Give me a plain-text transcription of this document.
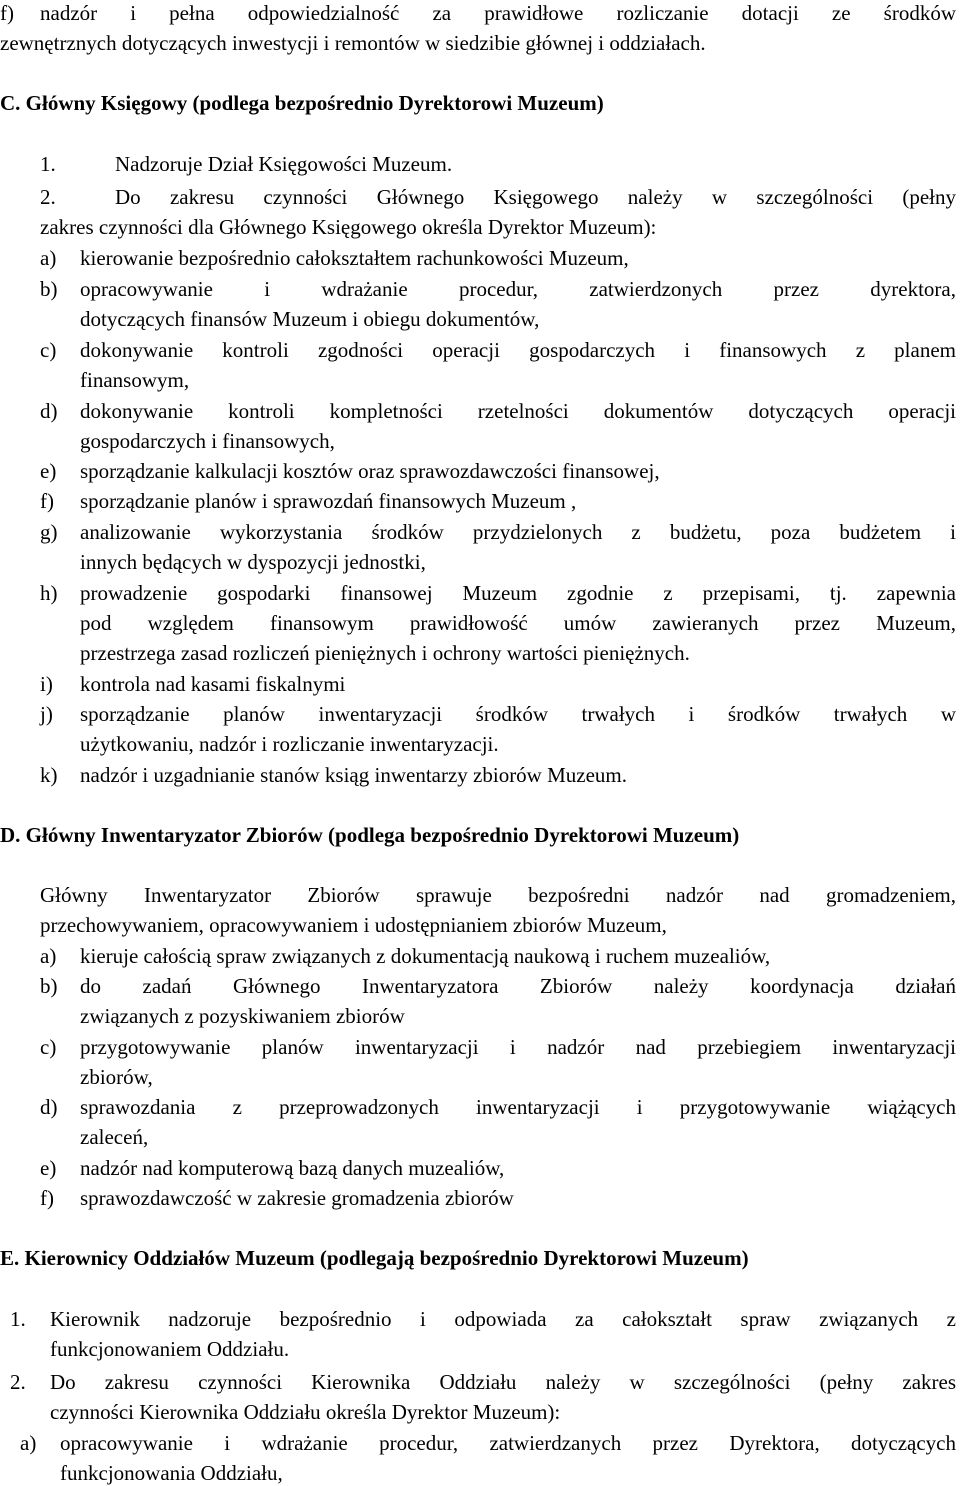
f) nadzór i pełna odpowiedzialność za prawidłowe rozliczanie dotacji ze środków
zewnętrznych dotyczących inwestycji i remontów w siedzibie głównej i oddziałach.
C. Główny Księgowy (podlega bezpośrednio Dyrektorowi Muzeum)
1.	Nadzoruje Dział Księgowości Muzeum.
2.	Do zakresu czynności Głównego Księgowego należy w szczególności (pełny
zakres czynności dla Głównego Księgowego określa Dyrektor Muzeum):
a) kierowanie bezpośrednio całokształtem rachunkowości Muzeum,
b) opracowywanie i wdrażanie procedur, zatwierdzonych przez dyrektora,
dotyczących finansów Muzeum i obiegu dokumentów,
c) dokonywanie kontroli zgodności operacji gospodarczych i finansowych z planem
finansowym,
d) dokonywanie kontroli kompletności rzetelności dokumentów dotyczących operacji
gospodarczych i finansowych,
e) sporządzanie kalkulacji kosztów oraz sprawozdawczości finansowej,
f) sporządzanie planów i sprawozdań finansowych Muzeum ,
g) analizowanie wykorzystania środków przydzielonych z budżetu, poza budżetem i
innych będących w dyspozycji jednostki,
h) prowadzenie gospodarki finansowej Muzeum zgodnie z przepisami, tj. zapewnia
pod względem finansowym prawidłowość umów zawieranych przez Muzeum,
przestrzega zasad rozliczeń pieniężnych i ochrony wartości pieniężnych.
i) kontrola nad kasami fiskalnymi
j) sporządzanie planów inwentaryzacji środków trwałych i środków trwałych w
użytkowaniu, nadzór i rozliczanie inwentaryzacji.
k) nadzór i uzgadnianie stanów ksiąg inwentarzy zbiorów Muzeum.
D. Główny Inwentaryzator Zbiorów (podlega bezpośrednio Dyrektorowi Muzeum)
Główny Inwentaryzator Zbiorów sprawuje bezpośredni nadzór nad gromadzeniem,
przechowywaniem, opracowywaniem i udostępnianiem zbiorów Muzeum,
a) kieruje całością spraw związanych z dokumentacją naukową i ruchem muzealiów,
b) do zadań Głównego Inwentaryzatora Zbiorów należy koordynacja działań
związanych z pozyskiwaniem zbiorów
c) przygotowywanie planów inwentaryzacji i nadzór nad przebiegiem inwentaryzacji
zbiorów,
d) sprawozdania z przeprowadzonych inwentaryzacji i przygotowywanie wiążących
zaleceń,
e) nadzór nad komputerową bazą danych muzealiów,
f) sprawozdawczość w zakresie gromadzenia zbiorów
E. Kierownicy Oddziałów Muzeum (podlegają bezpośrednio Dyrektorowi Muzeum)
1. Kierownik nadzoruje bezpośrednio i odpowiada za całokształt spraw związanych z
funkcjonowaniem Oddziału.
2. Do zakresu czynności Kierownika Oddziału należy w szczególności (pełny zakres
czynności Kierownika Oddziału określa Dyrektor Muzeum):
a) opracowywanie i wdrażanie procedur, zatwierdzanych przez Dyrektora, dotyczących
funkcjonowania Oddziału,
